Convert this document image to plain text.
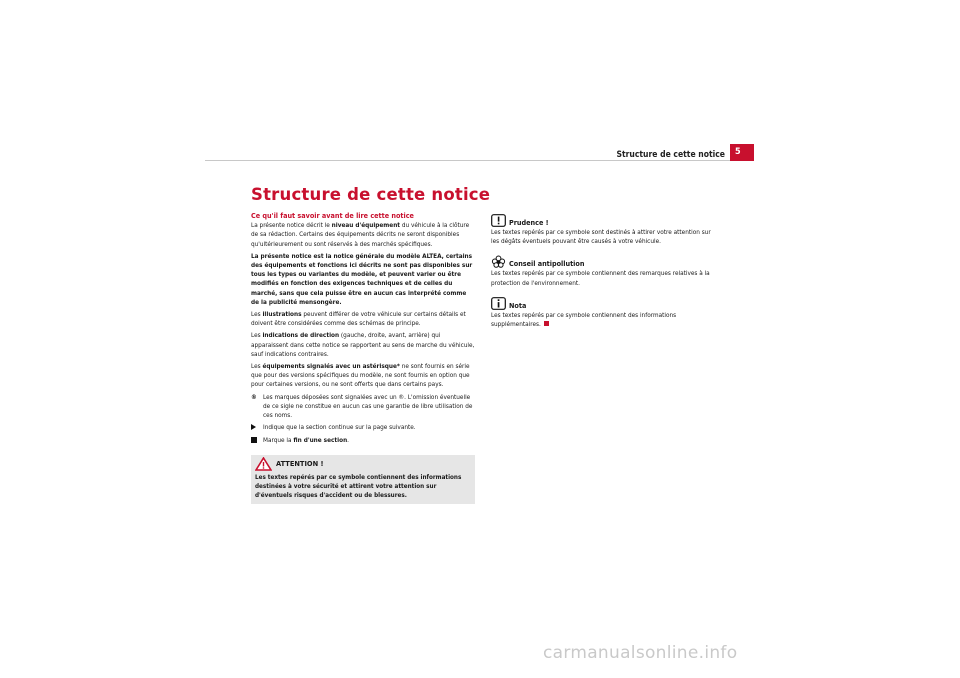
Structure de cette notice	5
Structure de cette notice
Ce qu'il faut savoir avant de lire cette notice

La présente notice décrit le niveau d'équipement du véhicule à la clôture de sa rédaction. Certains des équipements décrits ne seront disponibles qu'ultérieurement ou sont réservés à des marchés spécifiques.

La présente notice est la notice générale du modèle ALTEA, certains des équipements et fonctions ici décrits ne sont pas disponibles sur tous les types ou variantes du modèle, et peuvent varier ou être modifiés en fonction des exigences techniques et de celles du marché, sans que cela puisse être en aucun cas interprété comme de la publicité mensongère.

Les illustrations peuvent différer de votre véhicule sur certains détails et doivent être considérées comme des schémas de principe.

Les indications de direction (gauche, droite, avant, arrière) qui apparaissent dans cette notice se rapportent au sens de marche du véhicule, sauf indications contraires.

Les équipements signalés avec un astérisque* ne sont fournis en série que pour des versions spécifiques du modèle, ne sont fournis en option que pour certaines versions, ou ne sont offerts que dans certains pays.

® Les marques déposées sont signalées avec un ®. L'omission éventuelle de ce sigle ne constitue en aucun cas une garantie de libre utilisation de ces noms.
Indique que la section continue sur la page suivante.
Marque la fin d'une section.
ATTENTION !
Les textes repérés par ce symbole contiennent des informations destinées à votre sécurité et attirent votre attention sur d'éventuels risques d'accident ou de blessures.
Prudence !
Les textes repérés par ce symbole sont destinés à attirer votre attention sur les dégâts éventuels pouvant être causés à votre véhicule.
Conseil antipollution
Les textes repérés par ce symbole contiennent des remarques relatives à la protection de l'environnement.
Nota
Les textes repérés par ce symbole contiennent des informations supplémentaires.
carmanualsonline.info
